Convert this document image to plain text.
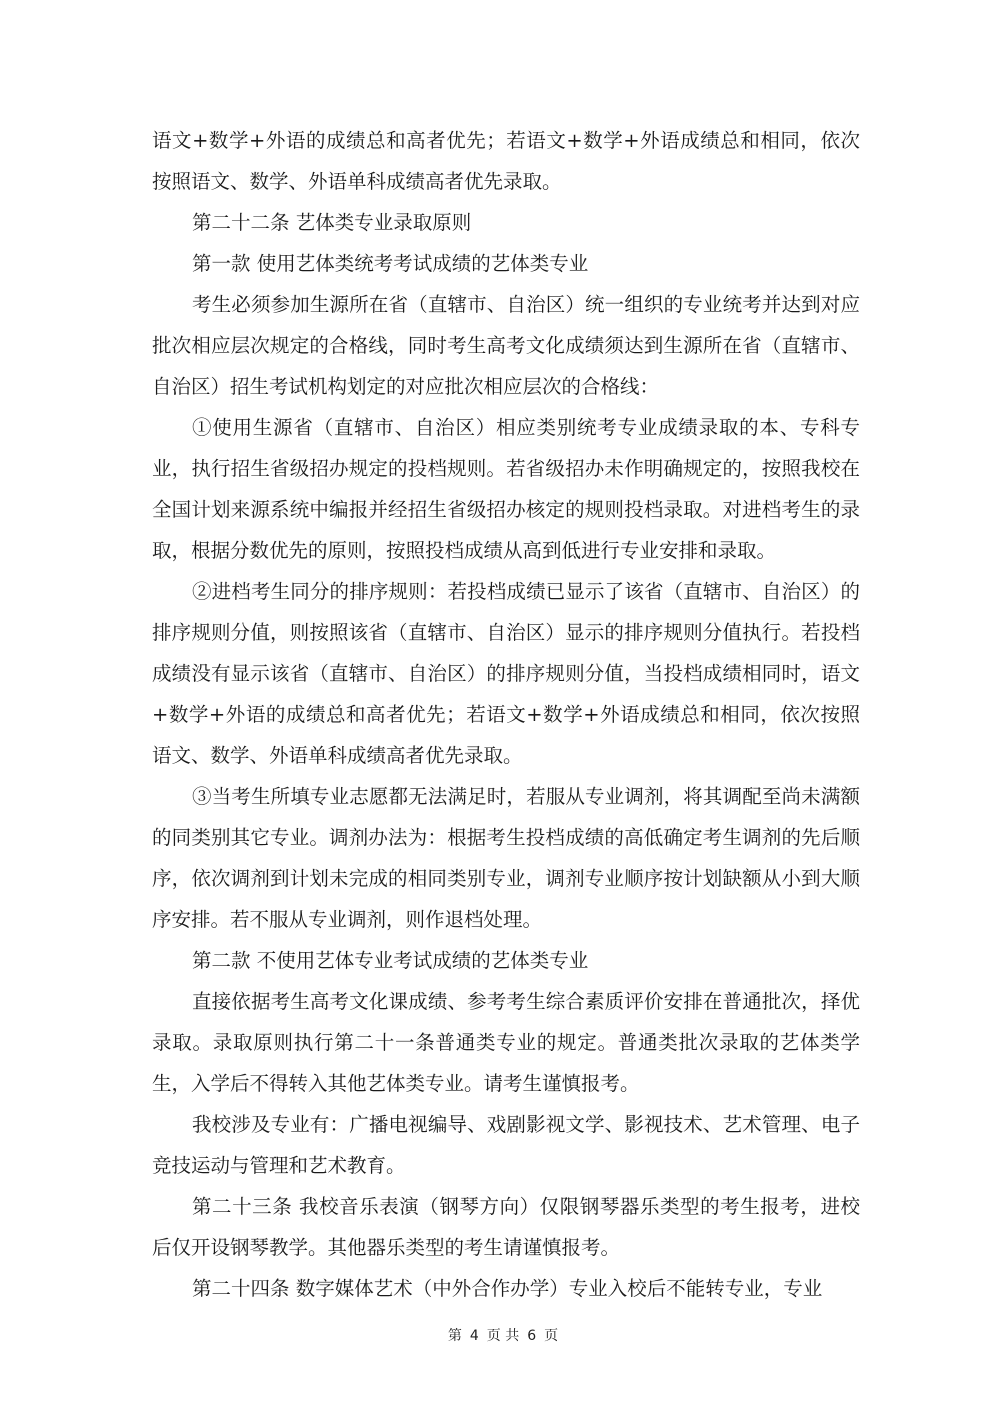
语文+数学+外语的成绩总和高者优先；若语文+数学+外语成绩总和相同，依次按照语文、数学、外语单科成绩高者优先录取。

第二十二条 艺体类专业录取原则

第一款 使用艺体类统考考试成绩的艺体类专业

考生必须参加生源所在省（直辖市、自治区）统一组织的专业统考并达到对应批次相应层次规定的合格线，同时考生高考文化成绩须达到生源所在省（直辖市、自治区）招生考试机构划定的对应批次相应层次的合格线：

①使用生源省（直辖市、自治区）相应类别统考专业成绩录取的本、专科专业，执行招生省级招办规定的投档规则。若省级招办未作明确规定的，按照我校在全国计划来源系统中编报并经招生省级招办核定的规则投档录取。对进档考生的录取，根据分数优先的原则，按照投档成绩从高到低进行专业安排和录取。

②进档考生同分的排序规则：若投档成绩已显示了该省（直辖市、自治区）的排序规则分值，则按照该省（直辖市、自治区）显示的排序规则分值执行。若投档成绩没有显示该省（直辖市、自治区）的排序规则分值，当投档成绩相同时，语文+数学+外语的成绩总和高者优先；若语文+数学+外语成绩总和相同，依次按照语文、数学、外语单科成绩高者优先录取。

③当考生所填专业志愿都无法满足时，若服从专业调剂，将其调配至尚未满额的同类别其它专业。调剂办法为：根据考生投档成绩的高低确定考生调剂的先后顺序，依次调剂到计划未完成的相同类别专业，调剂专业顺序按计划缺额从小到大顺序安排。若不服从专业调剂，则作退档处理。

第二款 不使用艺体专业考试成绩的艺体类专业

直接依据考生高考文化课成绩、参考考生综合素质评价安排在普通批次，择优录取。录取原则执行第二十一条普通类专业的规定。普通类批次录取的艺体类学生，入学后不得转入其他艺体类专业。请考生谨慎报考。

我校涉及专业有：广播电视编导、戏剧影视文学、影视技术、艺术管理、电子竞技运动与管理和艺术教育。

第二十三条 我校音乐表演（钢琴方向）仅限钢琴器乐类型的考生报考，进校后仅开设钢琴教学。其他器乐类型的考生请谨慎报考。

第二十四条 数字媒体艺术（中外合作办学）专业入校后不能转专业，专业

第 4 页 共 6 页
